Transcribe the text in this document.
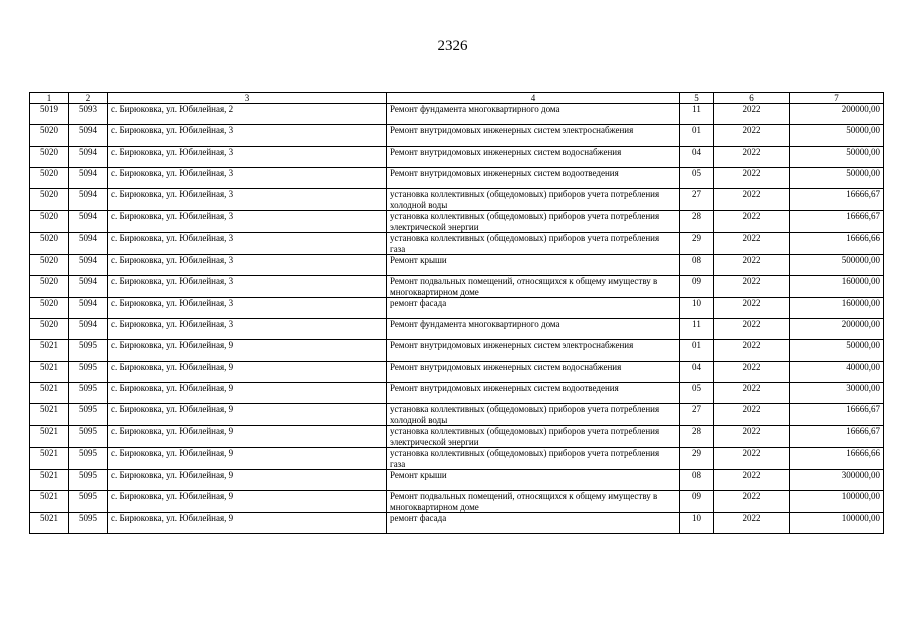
2326
1	2	3	4	5	6	7
5019	5093	с. Бирюковка, ул. Юбилейная, 2	Ремонт фундамента многоквартирного дома	11	2022	200000,00
5020	5094	с. Бирюковка, ул. Юбилейная, 3	Ремонт внутридомовых инженерных систем электроснабжения	01	2022	50000,00
5020	5094	с. Бирюковка, ул. Юбилейная, 3	Ремонт внутридомовых инженерных систем водоснабжения	04	2022	50000,00
5020	5094	с. Бирюковка, ул. Юбилейная, 3	Ремонт внутридомовых инженерных систем водоотведения	05	2022	50000,00
5020	5094	с. Бирюковка, ул. Юбилейная, 3	установка коллективных (общедомовых) приборов учета потребления холодной воды	27	2022	16666,67
5020	5094	с. Бирюковка, ул. Юбилейная, 3	установка коллективных (общедомовых) приборов учета потребления электрической энергии	28	2022	16666,67
5020	5094	с. Бирюковка, ул. Юбилейная, 3	установка коллективных (общедомовых) приборов учета потребления газа	29	2022	16666,66
5020	5094	с. Бирюковка, ул. Юбилейная, 3	Ремонт крыши	08	2022	500000,00
5020	5094	с. Бирюковка, ул. Юбилейная, 3	Ремонт подвальных помещений, относящихся к общему имуществу в многоквартирном доме	09	2022	160000,00
5020	5094	с. Бирюковка, ул. Юбилейная, 3	ремонт фасада	10	2022	160000,00
5020	5094	с. Бирюковка, ул. Юбилейная, 3	Ремонт фундамента многоквартирного дома	11	2022	200000,00
5021	5095	с. Бирюковка, ул. Юбилейная, 9	Ремонт внутридомовых инженерных систем электроснабжения	01	2022	50000,00
5021	5095	с. Бирюковка, ул. Юбилейная, 9	Ремонт внутридомовых инженерных систем водоснабжения	04	2022	40000,00
5021	5095	с. Бирюковка, ул. Юбилейная, 9	Ремонт внутридомовых инженерных систем водоотведения	05	2022	30000,00
5021	5095	с. Бирюковка, ул. Юбилейная, 9	установка коллективных (общедомовых) приборов учета потребления холодной воды	27	2022	16666,67
5021	5095	с. Бирюковка, ул. Юбилейная, 9	установка коллективных (общедомовых) приборов учета потребления электрической энергии	28	2022	16666,67
5021	5095	с. Бирюковка, ул. Юбилейная, 9	установка коллективных (общедомовых) приборов учета потребления газа	29	2022	16666,66
5021	5095	с. Бирюковка, ул. Юбилейная, 9	Ремонт крыши	08	2022	300000,00
5021	5095	с. Бирюковка, ул. Юбилейная, 9	Ремонт подвальных помещений, относящихся к общему имуществу в многоквартирном доме	09	2022	100000,00
5021	5095	с. Бирюковка, ул. Юбилейная, 9	ремонт фасада	10	2022	100000,00
